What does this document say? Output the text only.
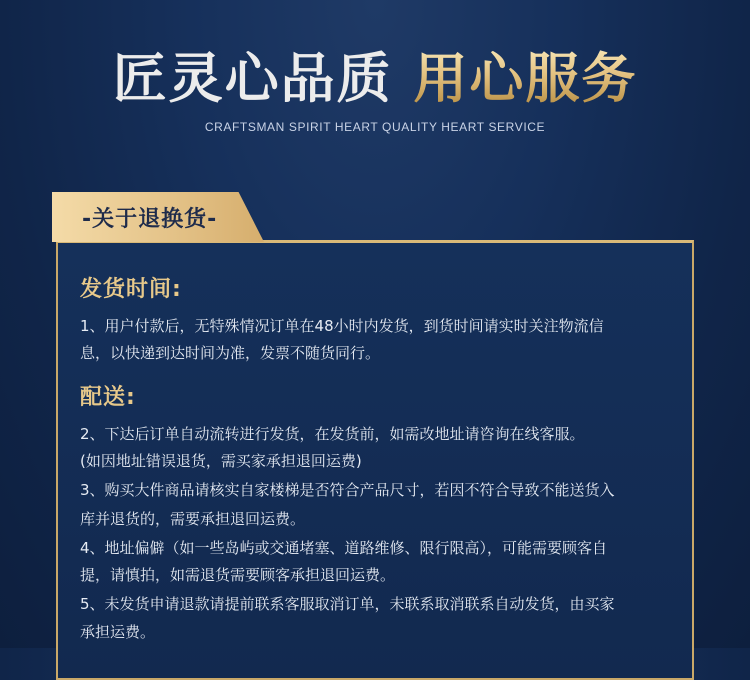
匠灵心品质 用心服务
CRAFTSMAN SPIRIT HEART QUALITY HEART SERVICE
-关于退换货-
发货时间:
1、用户付款后，无特殊情况订单在48小时内发货，到货时间请实时关注物流信
息，以快递到达时间为准，发票不随货同行。
配送:
2、下达后订单自动流转进行发货，在发货前，如需改地址请咨询在线客服。
(如因地址错误退货，需买家承担退回运费)
3、购买大件商品请核实自家楼梯是否符合产品尺寸，若因不符合导致不能送货入
库并退货的，需要承担退回运费。
4、地址偏僻（如一些岛屿或交通堵塞、道路维修、限行限高），可能需要顾客自
提，请慎拍，如需退货需要顾客承担退回运费。
5、未发货申请退款请提前联系客服取消订单，未联系取消联系自动发货，由买家
承担运费。
